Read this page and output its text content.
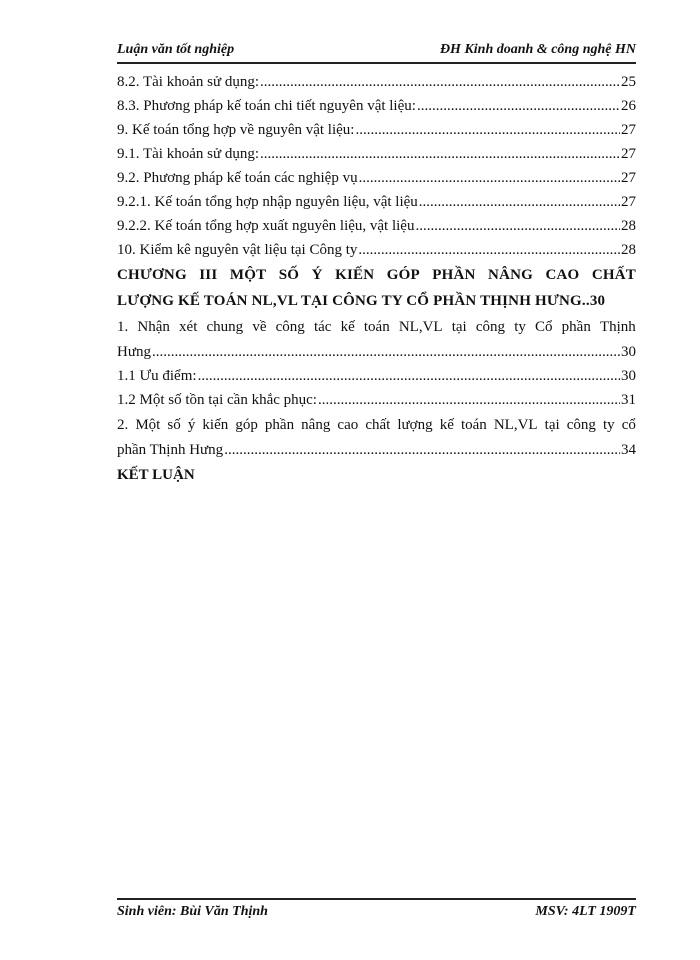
Luận văn tốt nghiệp	ĐH Kinh doanh & công nghệ HN
8.2. Tài khoản sử dụng: .....	25
8.3. Phương pháp kế toán chi tiết nguyên vật liệu: .....	26
9. Kế toán tổng hợp về nguyên vật liệu: .....	27
9.1. Tài khoản sử dụng: .....	27
9.2. Phương pháp kế toán các nghiệp vụ .....	27
9.2.1. Kế toán tổng hợp nhập nguyên liệu, vật liệu .....	27
9.2.2. Kế toán tổng hợp xuất nguyên liệu, vật liệu .....	28
10. Kiểm kê nguyên vật liệu tại Công ty .....	28
CHƯƠNG III MỘT SỐ Ý KIẾN GÓP PHẦN NÂNG CAO CHẤT
LƯỢNG KẾ TOÁN NL,VL TẠI CÔNG TY CỔ PHẦN THỊNH HƯNG..30
1. Nhận xét chung về công tác kế toán NL,VL tại công ty Cổ phần Thịnh
Hưng .....	30
1.1 Ưu điểm: .....	30
1.2 Một số tồn tại cần khắc phục: .....	31
2. Một số ý kiến góp phần nâng cao chất lượng kế toán NL,VL tại công ty cổ
phần Thịnh Hưng .....	34
KẾT LUẬN
Sinh viên: Bùi Văn Thịnh	MSV: 4LT 1909T
